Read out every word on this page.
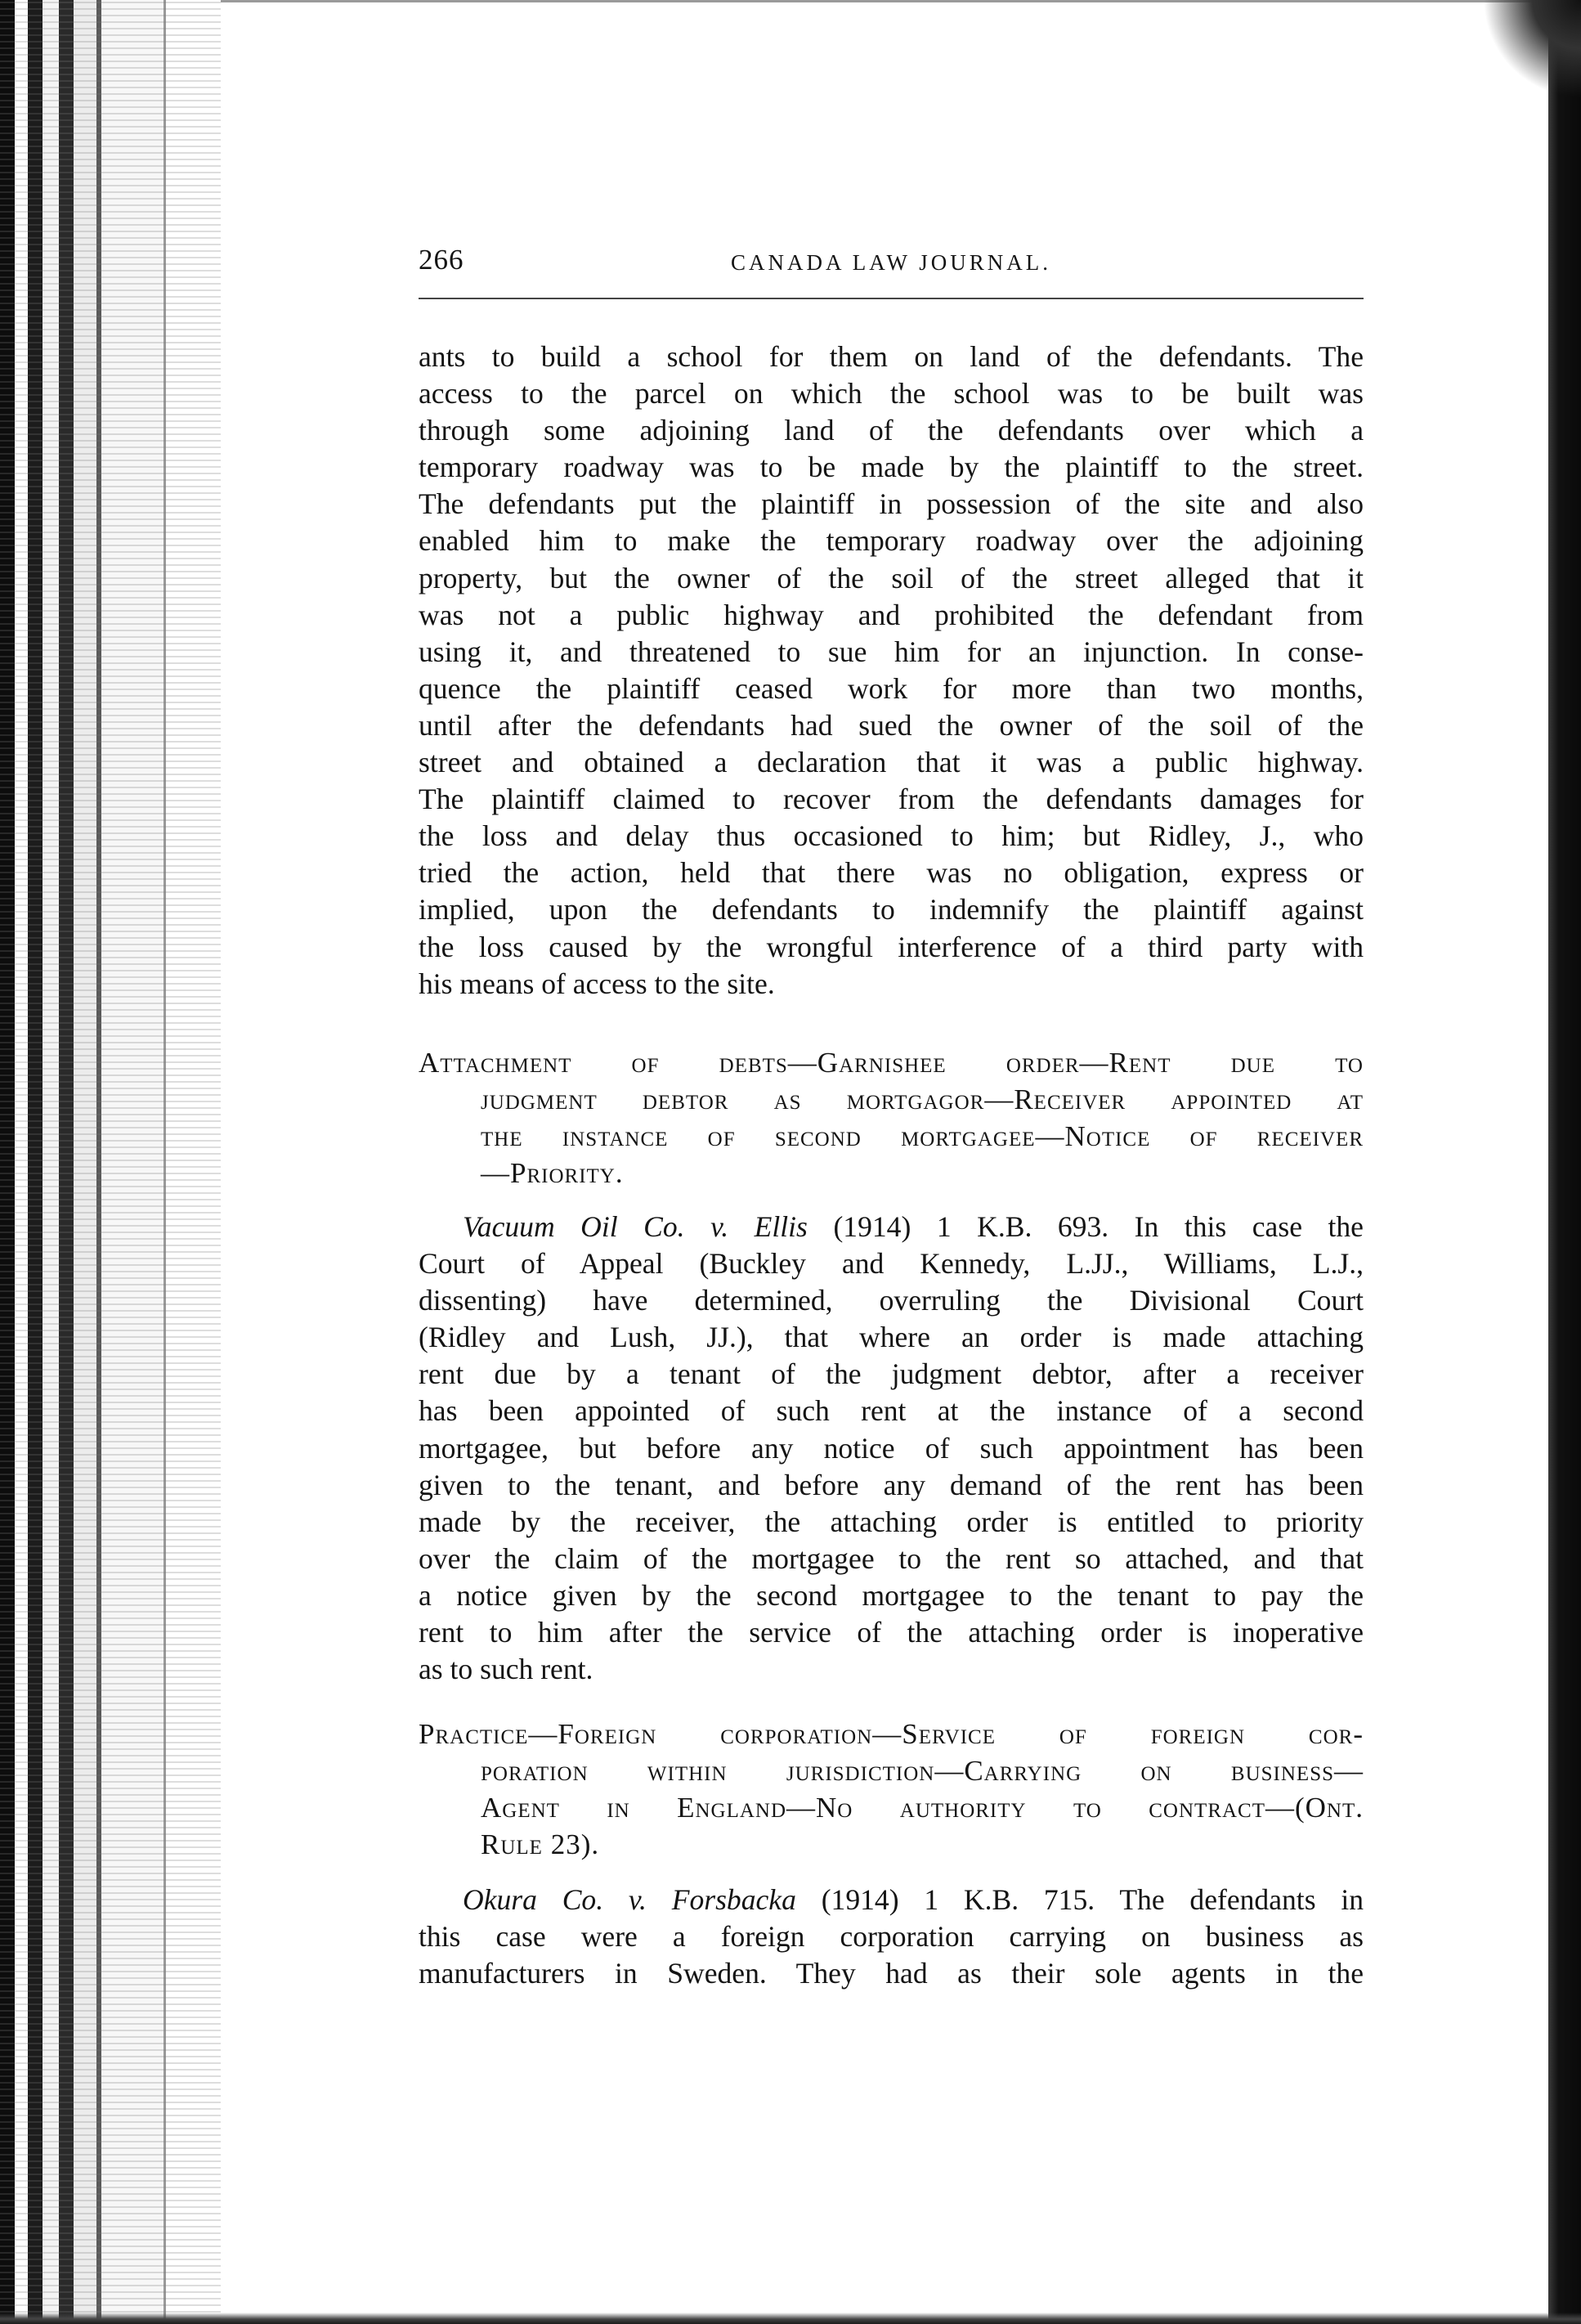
266	CANADA LAW JOURNAL.

ants to build a school for them on land of the defendants. The

access to the parcel on which the school was to be built was

through some adjoining land of the defendants over which a

temporary roadway was to be made by the plaintiff to the street.

The defendants put the plaintiff in possession of the site and also

enabled him to make the temporary roadway over the adjoining

property, but the owner of the soil of the street alleged that it

was not a public highway and prohibited the defendant from

using it, and threatened to sue him for an injunction. In conse-

quence the plaintiff ceased work for more than two months,

until after the defendants had sued the owner of the soil of the

street and obtained a declaration that it was a public highway.

The plaintiff claimed to recover from the defendants damages for

the loss and delay thus occasioned to him; but Ridley, J., who

tried the action, held that there was no obligation, express or

implied, upon the defendants to indemnify the plaintiff against

the loss caused by the wrongful interference of a third party with

his means of access to the site.

Attachment of debts—Garnishee order—Rent due to
judgment debtor as mortgagor—Receiver appointed at
the instance of second mortgagee—Notice of receiver
—Priority.

Vacuum Oil Co. v. Ellis (1914) 1 K.B. 693. In this case the

Court of Appeal (Buckley and Kennedy, L.JJ., Williams, L.J.,

dissenting) have determined, overruling the Divisional Court

(Ridley and Lush, JJ.), that where an order is made attaching

rent due by a tenant of the judgment debtor, after a receiver

has been appointed of such rent at the instance of a second

mortgagee, but before any notice of such appointment has been

given to the tenant, and before any demand of the rent has been

made by the receiver, the attaching order is entitled to priority

over the claim of the mortgagee to the rent so attached, and that

a notice given by the second mortgagee to the tenant to pay the

rent to him after the service of the attaching order is inoperative

as to such rent.

Practice—Foreign corporation—Service of foreign cor-
poration within jurisdiction—Carrying on business—
Agent in England—No authority to contract—(Ont.
Rule 23).

Okura Co. v. Forsbacka (1914) 1 K.B. 715. The defendants in

this case were a foreign corporation carrying on business as

manufacturers in Sweden. They had as their sole agents in the
